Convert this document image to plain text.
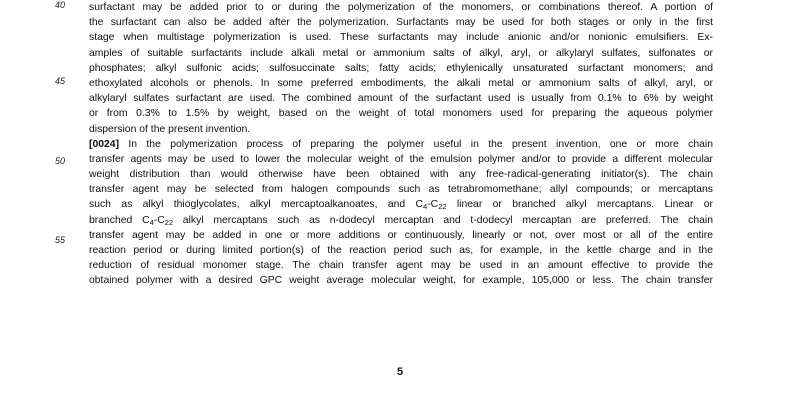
40
45
50
55
surfactant may be added prior to or during the polymerization of the monomers, or combinations thereof. A portion of
the surfactant can also be added after the polymerization. Surfactants may be used for both stages or only in the first
stage when multistage polymerization is used. These surfactants may include anionic and/or nonionic emulsifiers. Ex-
amples of suitable surfactants include alkali metal or ammonium salts of alkyl, aryl, or alkylaryl sulfates, sulfonates or
phosphates; alkyl sulfonic acids; sulfosuccinate salts; fatty acids; ethylenically unsaturated surfactant monomers; and
ethoxylated alcohols or phenols. In some preferred embodiments, the alkali metal or ammonium salts of alkyl, aryl, or
alkylaryl sulfates surfactant are used. The combined amount of the surfactant used is usually from 0.1% to 6% by weight
or from 0.3% to 1.5% by weight, based on the weight of total monomers used for preparing the aqueous polymer
dispersion of the present invention.
[0024] In the polymerization process of preparing the polymer useful in the present invention, one or more chain
transfer agents may be used to lower the molecular weight of the emulsion polymer and/or to provide a different molecular
weight distribution than would otherwise have been obtained with any free-radical-generating initiator(s). The chain
transfer agent may be selected from halogen compounds such as tetrabromomethane; allyl compounds; or mercaptans
such as alkyl thioglycolates, alkyl mercaptoalkanoates, and $C_4-C_{22}$ linear or branched alkyl mercaptans. Linear or
branched $C_4-C_{22}$ alkyl mercaptans such as n-dodecyl mercaptan and t-dodecyl mercaptan are preferred. The chain
transfer agent may be added in one or more additions or continuously, linearly or not, over most or all of the entire
reaction period or during limited portion(s) of the reaction period such as, for example, in the kettle charge and in the
reduction of residual monomer stage. The chain transfer agent may be used in an amount effective to provide the
obtained polymer with a desired GPC weight average molecular weight, for example, 105,000 or less. The chain transfer
5
